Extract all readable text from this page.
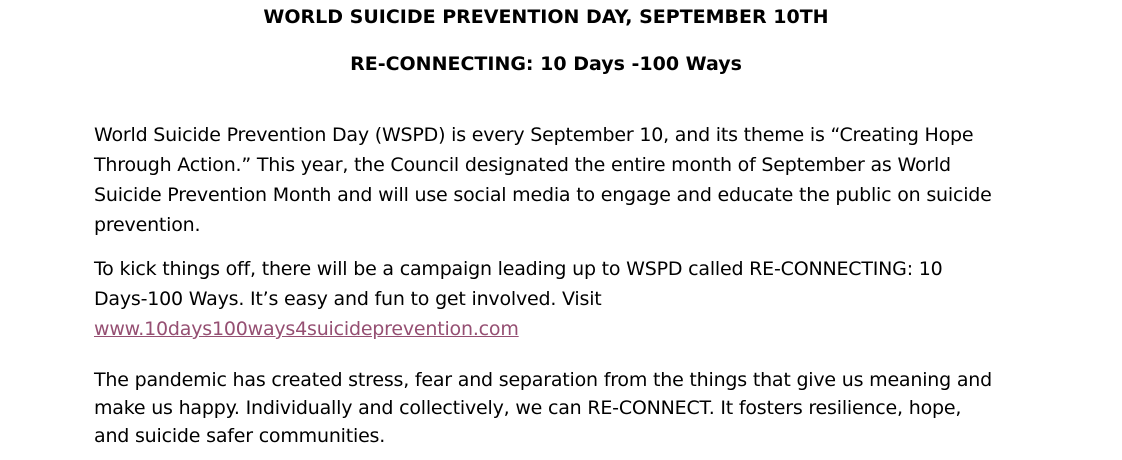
WORLD SUICIDE PREVENTION DAY, SEPTEMBER 10TH
RE-CONNECTING: 10 Days -100 Ways

World Suicide Prevention Day (WSPD) is every September 10, and its theme is “Creating Hope
Through Action.” This year, the Council designated the entire month of September as World
Suicide Prevention Month and will use social media to engage and educate the public on suicide
prevention.

To kick things off, there will be a campaign leading up to WSPD called RE-CONNECTING: 10
Days-100 Ways. It’s easy and fun to get involved. Visit
www.10days100ways4suicideprevention.com

The pandemic has created stress, fear and separation from the things that give us meaning and
make us happy. Individually and collectively, we can RE-CONNECT. It fosters resilience, hope,
and suicide safer communities.
